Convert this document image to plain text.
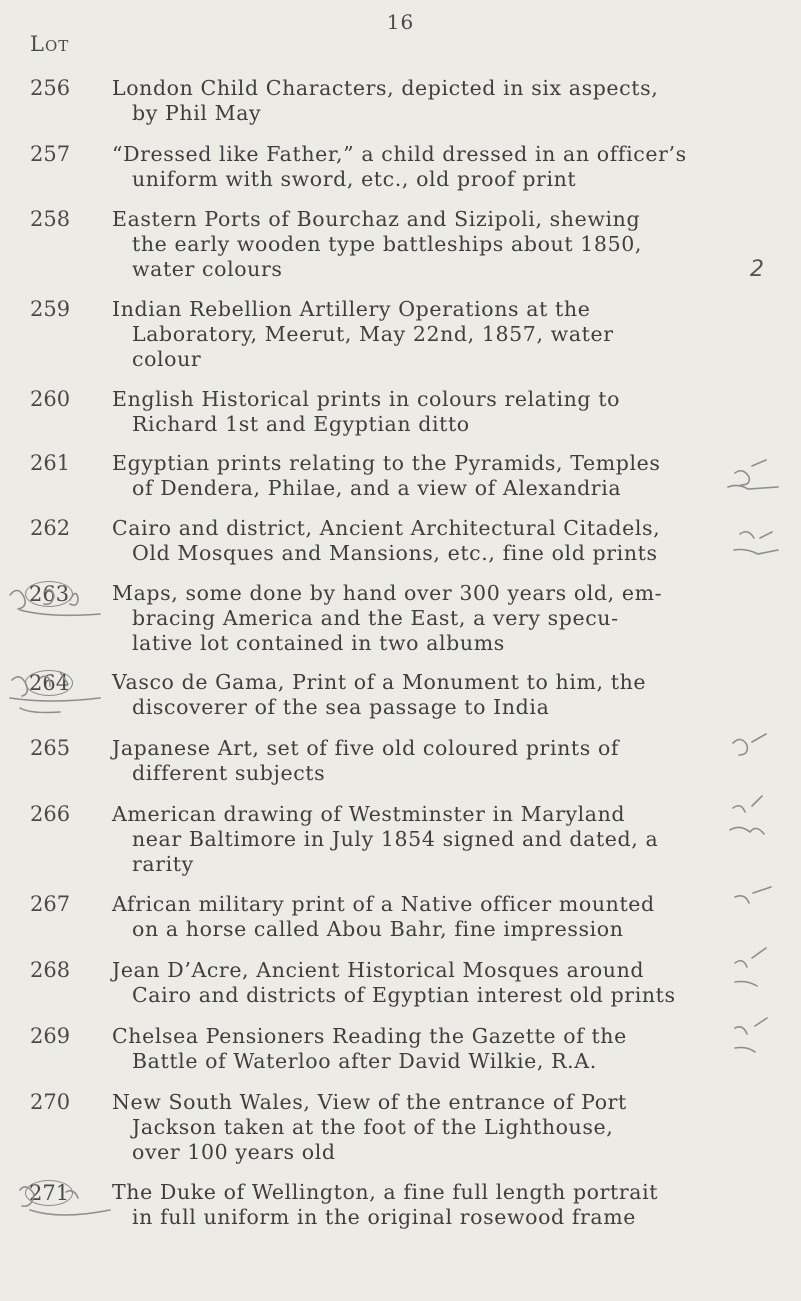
16
Lot
256 London Child Characters, depicted in six aspects,
by Phil May
257 “Dressed like Father,” a child dressed in an officer’s
uniform with sword, etc., old proof print
258 Eastern Ports of Bourchaz and Sizipoli, shewing
the early wooden type battleships about 1850,
water colours	2
259 Indian Rebellion Artillery Operations at the
Laboratory, Meerut, May 22nd, 1857, water
colour
260 English Historical prints in colours relating to
Richard 1st and Egyptian ditto
261 Egyptian prints relating to the Pyramids, Temples
of Dendera, Philae, and a view of Alexandria
262 Cairo and district, Ancient Architectural Citadels,
Old Mosques and Mansions, etc., fine old prints
263 Maps, some done by hand over 300 years old, em-
bracing America and the East, a very specu-
lative lot contained in two albums
264 Vasco de Gama, Print of a Monument to him, the
discoverer of the sea passage to India
265 Japanese Art, set of five old coloured prints of
different subjects
266 American drawing of Westminster in Maryland
near Baltimore in July 1854 signed and dated, a
rarity
267 African military print of a Native officer mounted
on a horse called Abou Bahr, fine impression
268 Jean D’Acre, Ancient Historical Mosques around
Cairo and districts of Egyptian interest old prints
269 Chelsea Pensioners Reading the Gazette of the
Battle of Waterloo after David Wilkie, R.A.
270 New South Wales, View of the entrance of Port
Jackson taken at the foot of the Lighthouse,
over 100 years old
271 The Duke of Wellington, a fine full length portrait
in full uniform in the original rosewood frame
